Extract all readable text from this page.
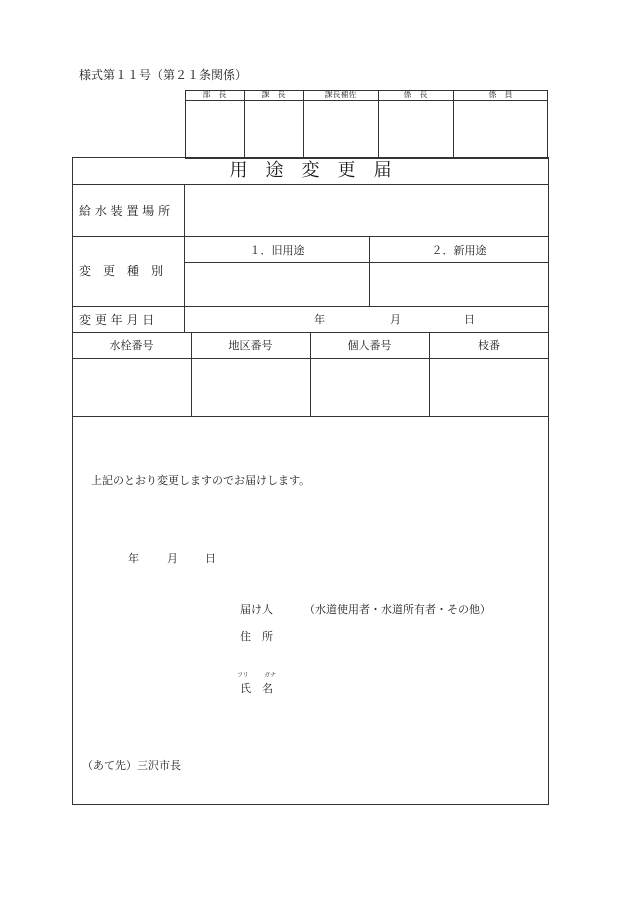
様式第１１号（第２１条関係）
部　長	課　長	課長補佐	係　長	係　員
用　途　変　更　届
給 水 装 置 場 所
変　更　種　別
１．旧用途	２．新用途
変 更 年 月 日	年	月	日
水栓番号	地区番号	個人番号	枝番
上記のとおり変更しますのでお届けします。
年	月 日
届け人	（水道使用者・水道所有者・その他）
住　所
フリ	ガナ
氏　名
（あて先）三沢市長
